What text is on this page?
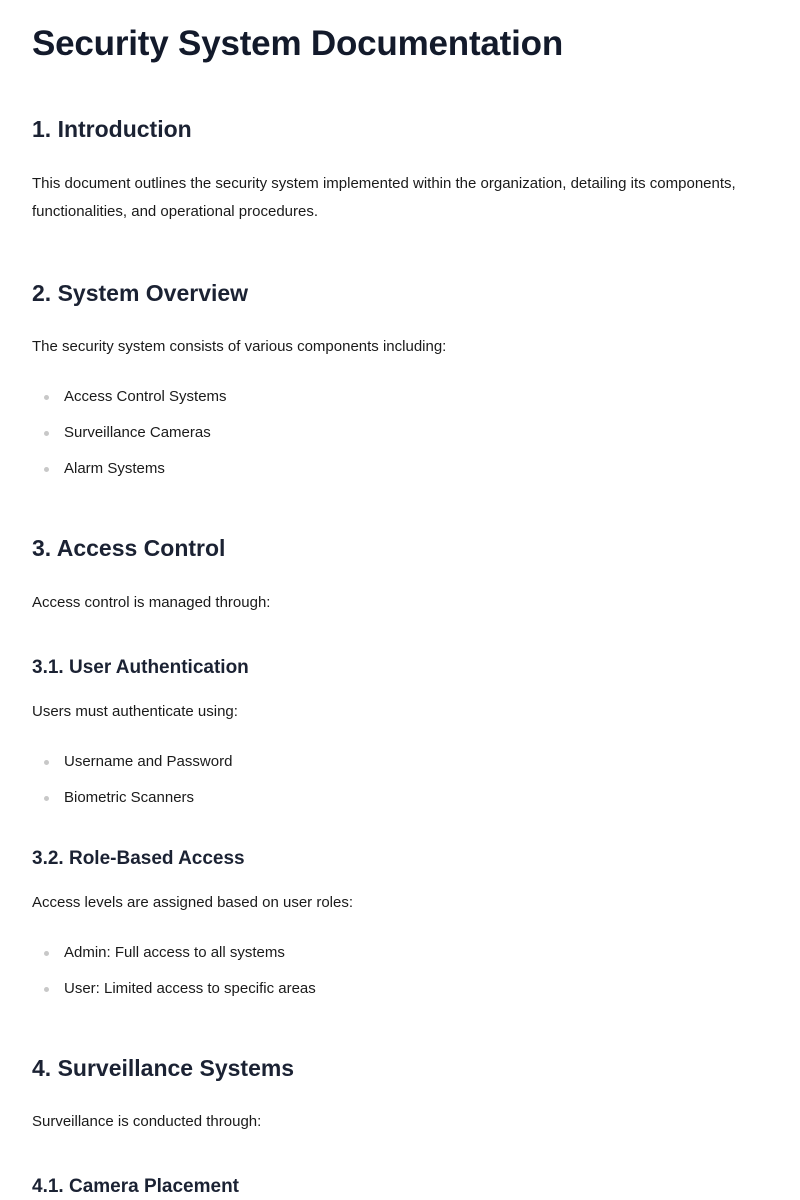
Security System Documentation
1. Introduction

This document outlines the security system implemented within the organization, detailing its components, functionalities, and operational procedures.

2. System Overview

The security system consists of various components including:

Access Control Systems
Surveillance Cameras
Alarm Systems
3. Access Control

Access control is managed through:

3.1. User Authentication

Users must authenticate using:

Username and Password
Biometric Scanners
3.2. Role-Based Access

Access levels are assigned based on user roles:

Admin: Full access to all systems
User: Limited access to specific areas
4. Surveillance Systems

Surveillance is conducted through:

4.1. Camera Placement
